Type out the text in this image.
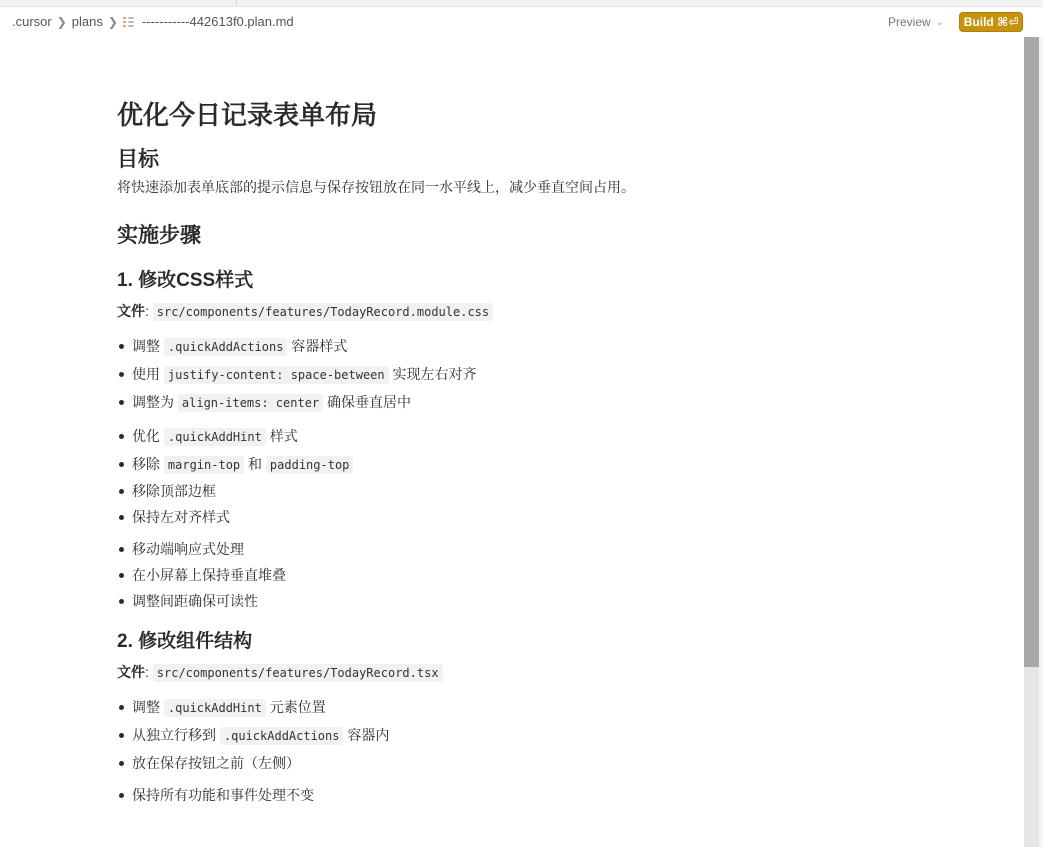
.cursor ❯ plans ❯ -----------442613f0.plan.md	Preview ⌄	Build ⌘⏎
优化今日记录表单布局
目标

将快速添加表单底部的提示信息与保存按钮放在同一水平线上，减少垂直空间占用。

实施步骤
1. 修改CSS样式

文件: src/components/features/TodayRecord.module.css

调整 .quickAddActions 容器样式
使用 justify-content: space-between 实现左右对齐
调整为 align-items: center 确保垂直居中
优化 .quickAddHint 样式
移除 margin-top 和 padding-top
移除顶部边框
保持左对齐样式
移动端响应式处理
在小屏幕上保持垂直堆叠
调整间距确保可读性
2. 修改组件结构

文件: src/components/features/TodayRecord.tsx

调整 .quickAddHint 元素位置
从独立行移到 .quickAddActions 容器内
放在保存按钮之前（左侧）
保持所有功能和事件处理不变
